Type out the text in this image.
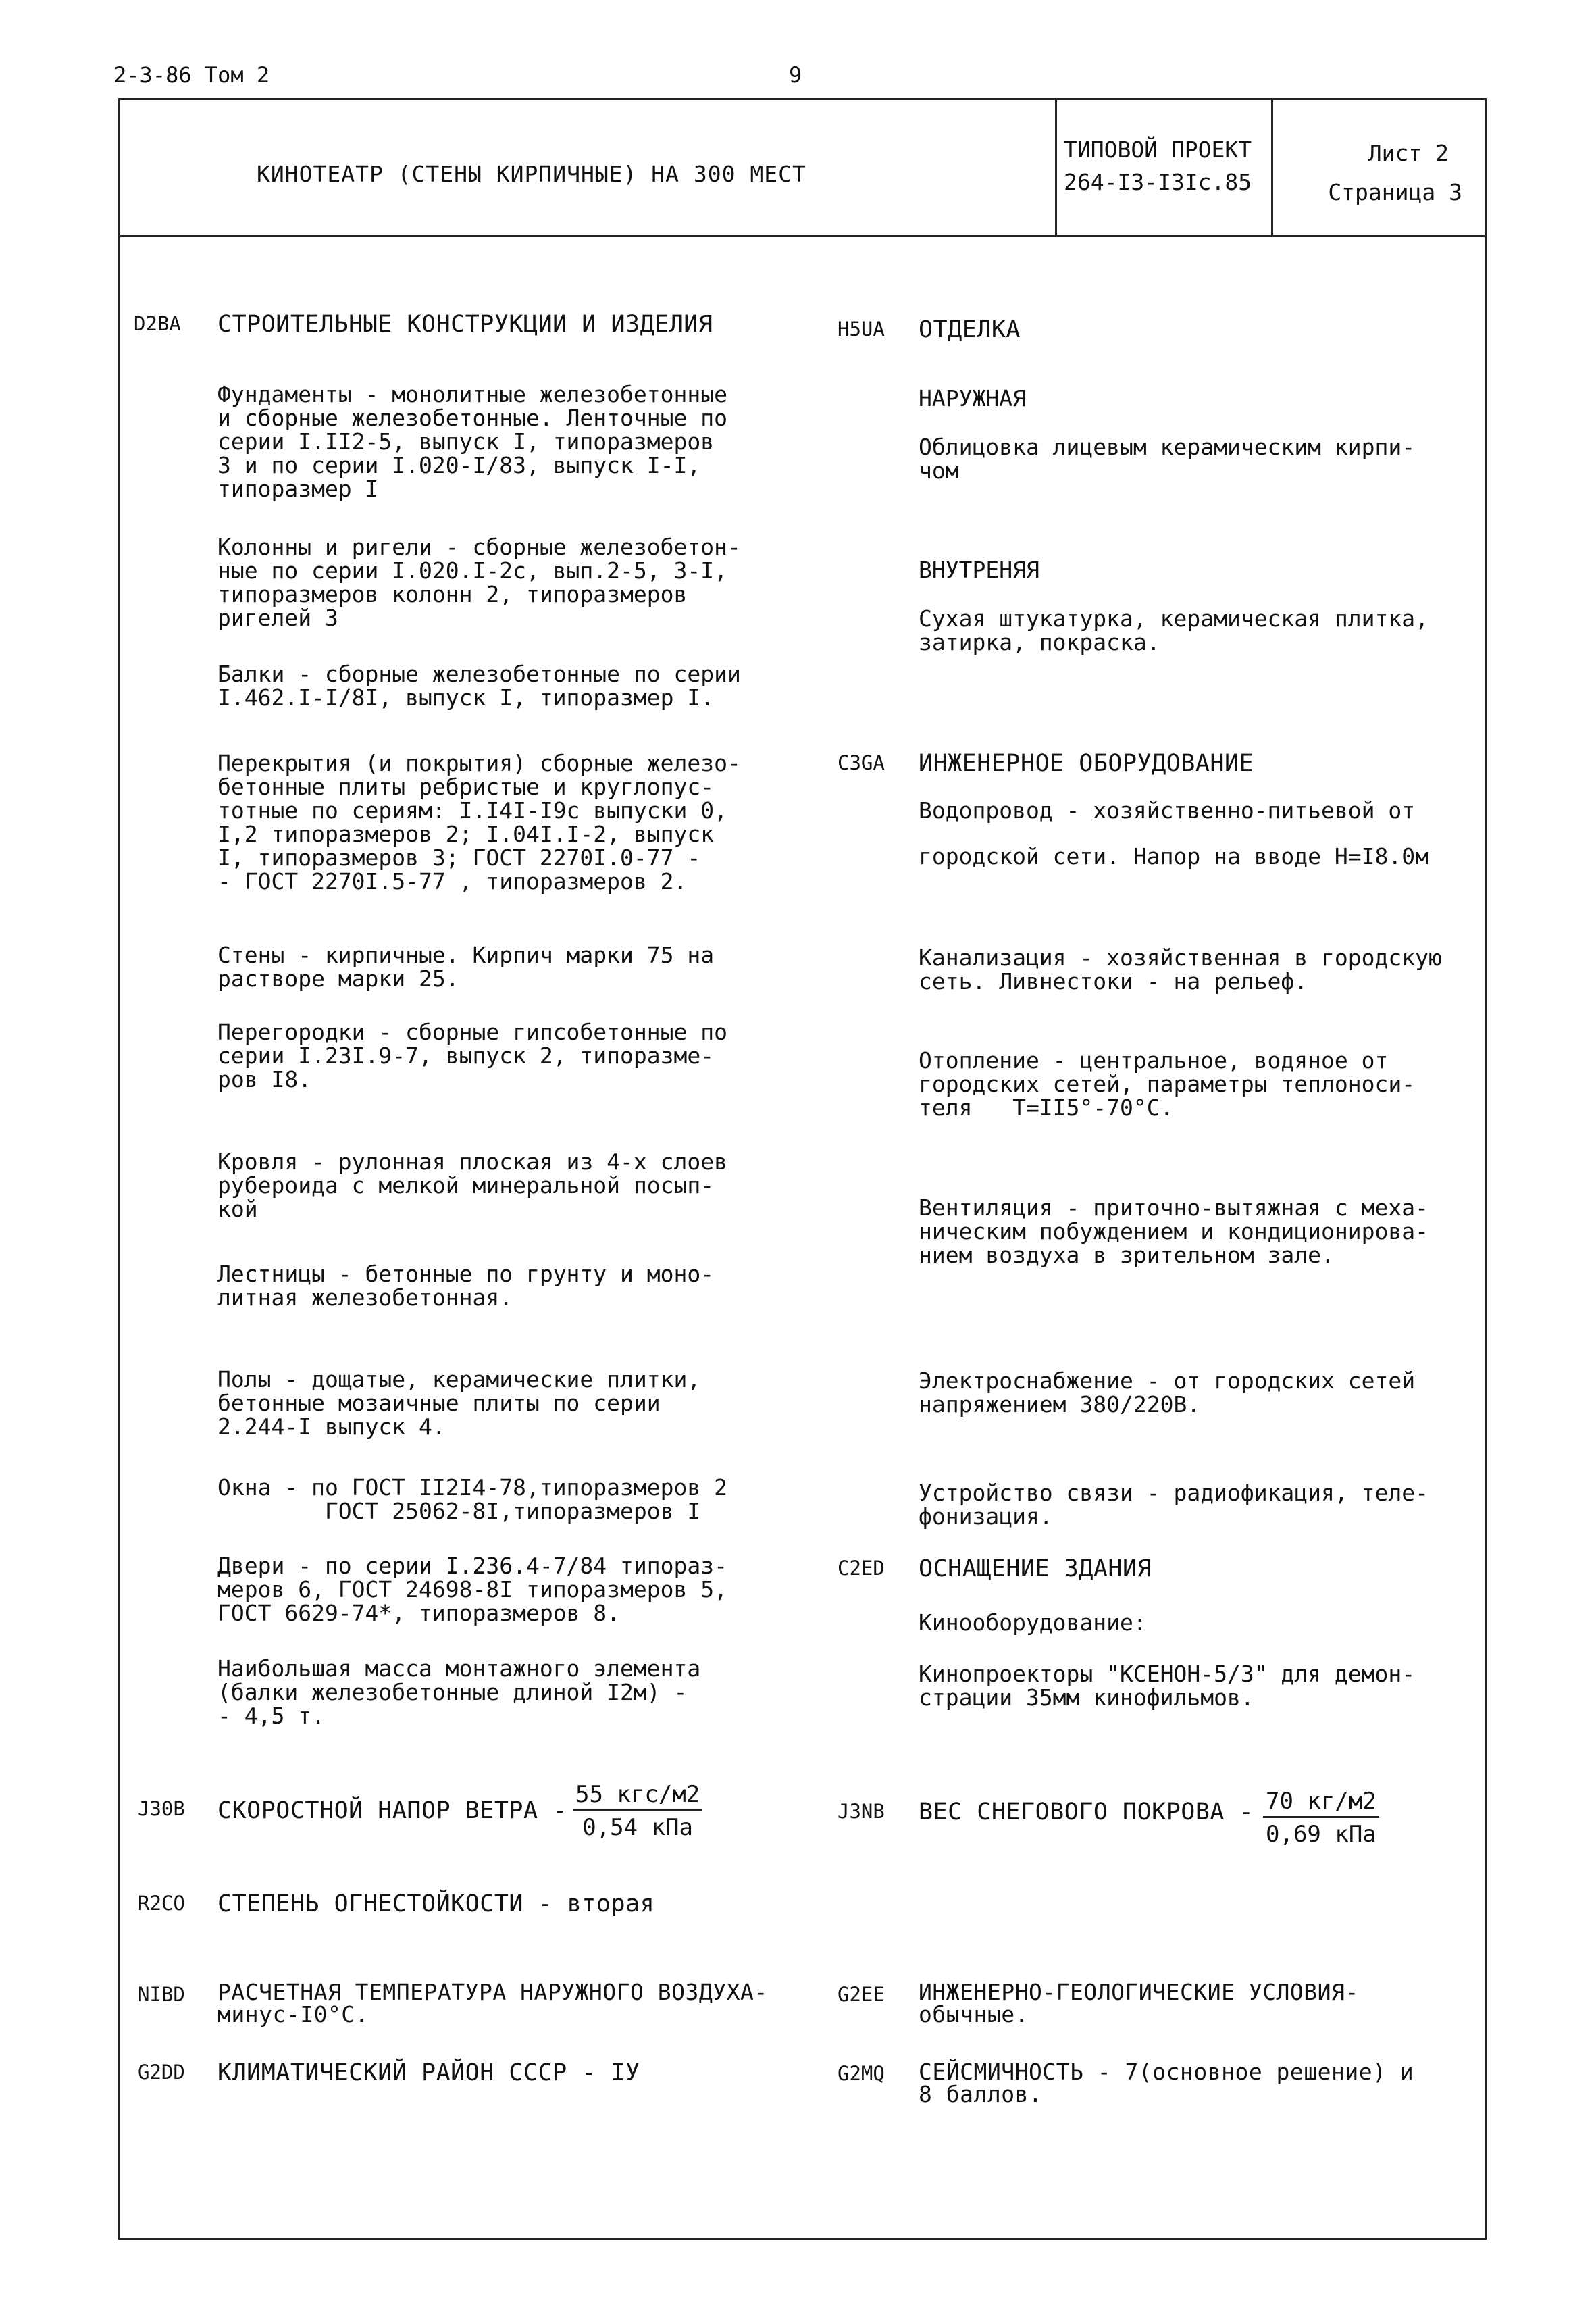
2-3-86 Том 2	9
КИНОТЕАТР (СТЕНЫ КИРПИЧНЫЕ) НА 300 МЕСТ
ТИПОВОЙ ПРОЕКТ
264-I3-I3Iс.85
Лист 2
Страница 3
D2BA СТРОИТЕЛЬНЫЕ КОНСТРУКЦИИ И ИЗДЕЛИЯ
Фундаменты - монолитные железобетонные
и сборные железобетонные. Ленточные по
серии I.II2-5, выпуск I, типоразмеров
3 и по серии I.020-I/83, выпуск I-I,
типоразмер I
Колонны и ригели - сборные железобетон-
ные по серии I.020.I-2с, вып.2-5, 3-I,
типоразмеров колонн 2, типоразмеров
ригелей 3
Балки - сборные железобетонные по серии
I.462.I-I/8I, выпуск I, типоразмер I.
Перекрытия (и покрытия) сборные железо-
бетонные плиты ребристые и круглопус-
тотные по сериям: I.I4I-I9с выпуски 0,
I,2 типоразмеров 2; I.04I.I-2, выпуск
I, типоразмеров 3; ГОСТ 2270I.0-77 -
- ГОСТ 2270I.5-77 , типоразмеров 2.
Стены - кирпичные. Кирпич марки 75 на
растворе марки 25.
Перегородки - сборные гипсобетонные по
серии I.23I.9-7, выпуск 2, типоразме-
ров I8.
Кровля - рулонная плоская из 4-х слоев
рубероида с мелкой минеральной посып-
кой
Лестницы - бетонные по грунту и моно-
литная железобетонная.
Полы - дощатые, керамические плитки,
бетонные мозаичные плиты по серии
2.244-I выпуск 4.
Окна - по ГОСТ II2I4-78,типоразмеров 2
ГОСТ 25062-8I,типоразмеров I
Двери - по серии I.236.4-7/84 типораз-
меров 6, ГОСТ 24698-8I типоразмеров 5,
ГОСТ 6629-74*, типоразмеров 8.
Наибольшая масса монтажного элемента
(балки железобетонные длиной I2м) -
- 4,5 т.
H5UA ОТДЕЛКА
НАРУЖНАЯ
Облицовка лицевым керамическим кирпи-
чом
ВНУТРЕНЯЯ
Сухая штукатурка, керамическая плитка,
затирка, покраска.
C3GA ИНЖЕНЕРНОЕ ОБОРУДОВАНИЕ
Водопровод - хозяйственно-питьевой от
городской сети. Напор на вводе Н=I8.0м
Канализация - хозяйственная в городскую
сеть. Ливнестоки - на рельеф.
Отопление - центральное, водяное от
городских сетей, параметры теплоноси-
теля   Т=II5°-70°С.
Вентиляция - приточно-вытяжная с меха-
ническим побуждением и кондиционирова-
нием воздуха в зрительном зале.
Электроснабжение - от городских сетей
напряжением 380/220В.
Устройство связи - радиофикация, теле-
фонизация.
C2ED ОСНАЩЕНИЕ ЗДАНИЯ
Кинооборудование:
Кинопроекторы "КСЕНОН-5/3" для демон-
страции 35мм кинофильмов.
J30B СКОРОСТНОЙ НАПОР ВЕТРА -
55 кгс/м2
0,54 кПа
J3NB ВЕС СНЕГОВОГО ПОКРОВА - 70 кг/м2
0,69 кПа
R2CO СТЕПЕНЬ ОГНЕСТОЙКОСТИ - вторая
NIBD РАСЧЕТНАЯ ТЕМПЕРАТУРА НАРУЖНОГО ВОЗДУХА-
минус-I0°С.
G2EE ИНЖЕНЕРНО-ГЕОЛОГИЧЕСКИЕ УСЛОВИЯ-
обычные.
G2DD КЛИМАТИЧЕСКИЙ РАЙОН СССР - IУ	G2MQ СЕЙСМИЧНОСТЬ - 7(основное решение) и
8 баллов.
